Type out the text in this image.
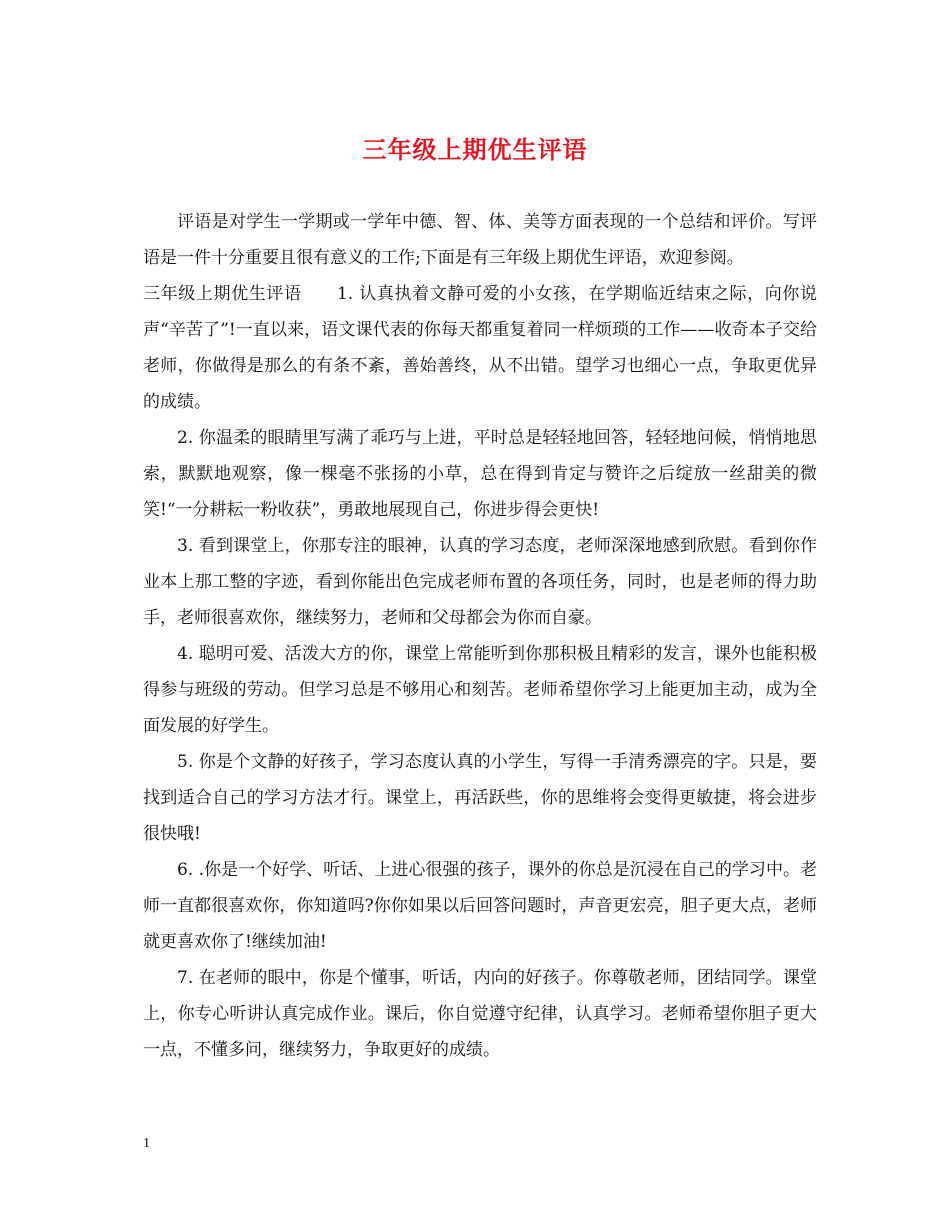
三年级上期优生评语

评语是对学生一学期或一学年中德、智、体、美等方面表现的一个总结和评价。写评语是一件十分重要且很有意义的工作;下面是有三年级上期优生评语，欢迎参阅。

三年级上期优生评语　　1. 认真执着文静可爱的小女孩，在学期临近结束之际，向你说声“辛苦了”!一直以来，语文课代表的你每天都重复着同一样烦琐的工作——收奇本子交给老师，你做得是那么的有条不紊，善始善终，从不出错。望学习也细心一点，争取更优异的成绩。

2. 你温柔的眼睛里写满了乖巧与上进，平时总是轻轻地回答，轻轻地问候，悄悄地思索，默默地观察，像一棵毫不张扬的小草，总在得到肯定与赞许之后绽放一丝甜美的微笑!“一分耕耘一粉收获”，勇敢地展现自己，你进步得会更快!

3. 看到课堂上，你那专注的眼神，认真的学习态度，老师深深地感到欣慰。看到你作业本上那工整的字迹，看到你能出色完成老师布置的各项任务，同时，也是老师的得力助手，老师很喜欢你，继续努力，老师和父母都会为你而自豪。

4. 聪明可爱、活泼大方的你，课堂上常能听到你那积极且精彩的发言，课外也能积极得参与班级的劳动。但学习总是不够用心和刻苦。老师希望你学习上能更加主动，成为全面发展的好学生。

5. 你是个文静的好孩子，学习态度认真的小学生，写得一手清秀漂亮的字。只是，要找到适合自己的学习方法才行。课堂上，再活跃些，你的思维将会变得更敏捷，将会进步很快哦!

6. .你是一个好学、听话、上进心很强的孩子，课外的你总是沉浸在自己的学习中。老师一直都很喜欢你，你知道吗?你你如果以后回答问题时，声音更宏亮，胆子更大点，老师就更喜欢你了!继续加油!

7. 在老师的眼中，你是个懂事，听话，内向的好孩子。你尊敬老师，团结同学。课堂上，你专心听讲认真完成作业。课后，你自觉遵守纪律，认真学习。老师希望你胆子更大一点，不懂多问，继续努力，争取更好的成绩。

1
